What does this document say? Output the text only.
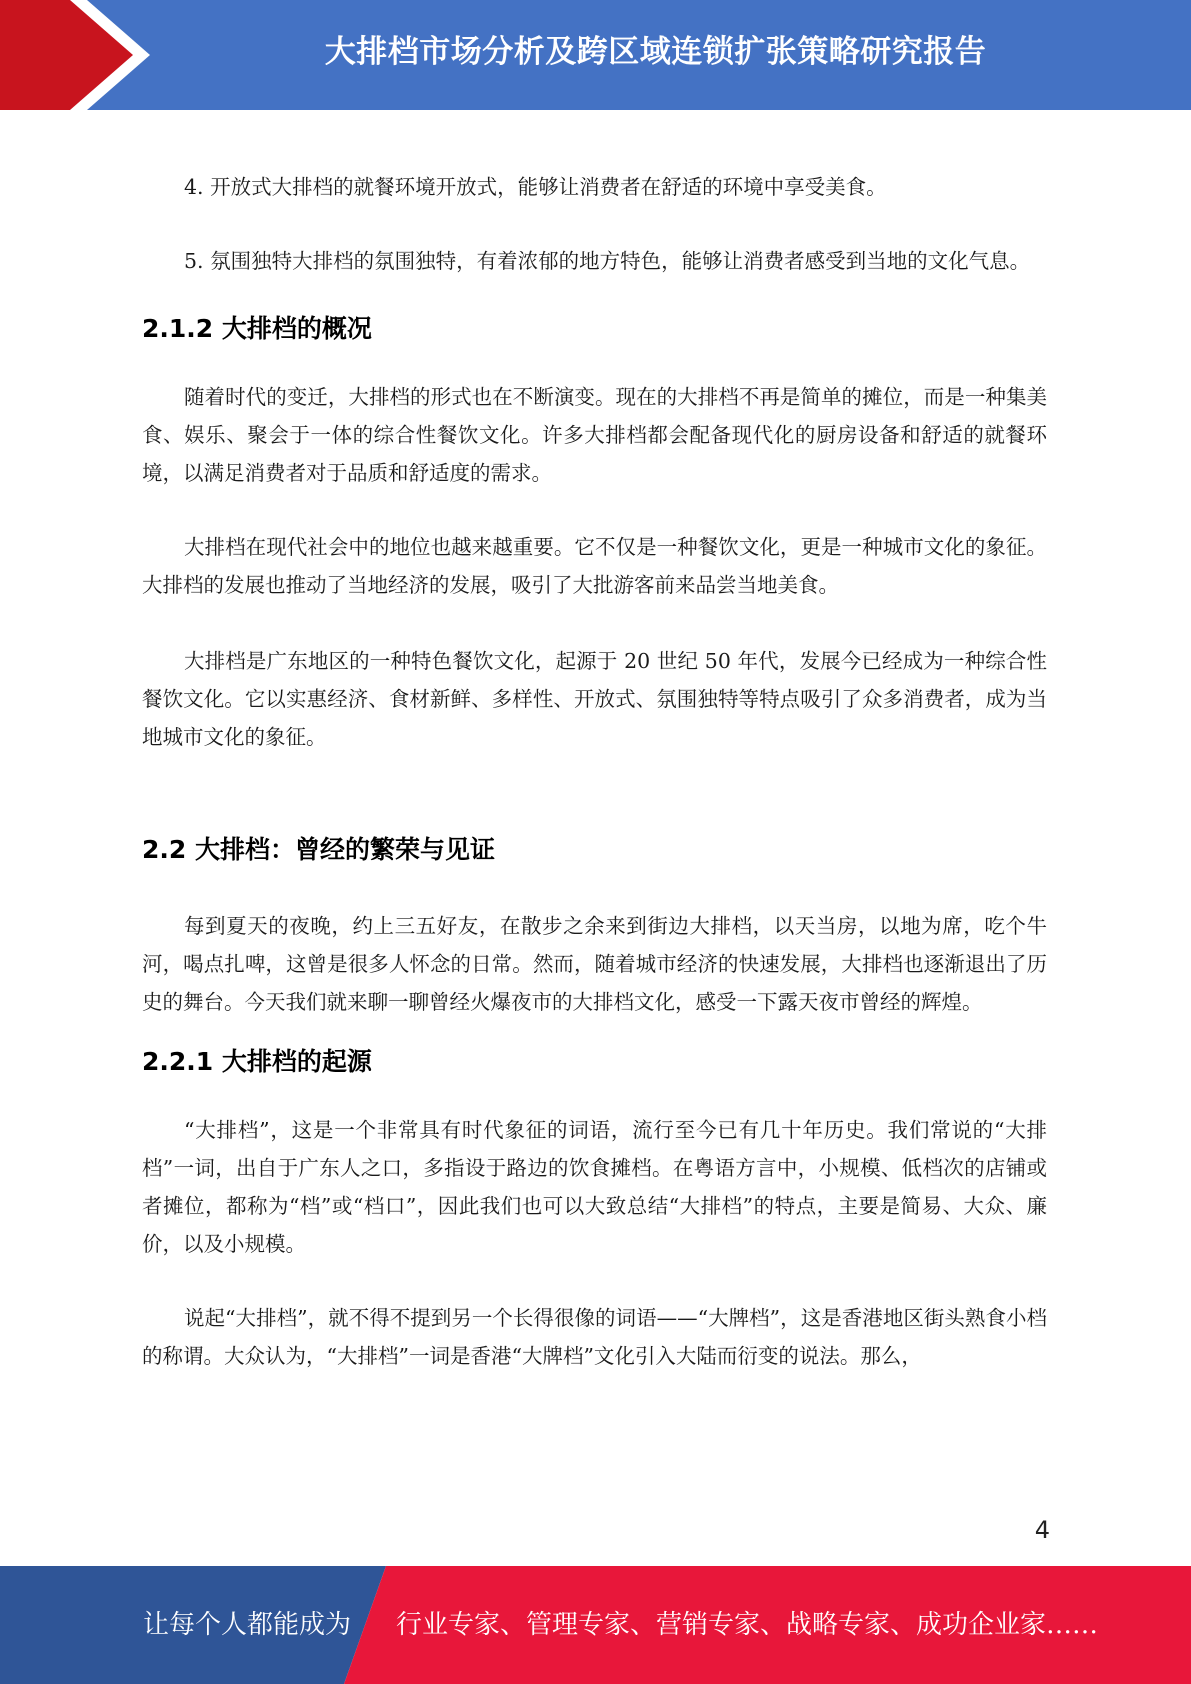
大排档市场分析及跨区域连锁扩张策略研究报告

4. 开放式大排档的就餐环境开放式，能够让消费者在舒适的环境中享受美食。

5. 氛围独特大排档的氛围独特，有着浓郁的地方特色，能够让消费者感受到当地的文化气息。

2.1.2 大排档的概况

随着时代的变迁，大排档的形式也在不断演变。现在的大排档不再是简单的摊位，而是一种集美食、娱乐、聚会于一体的综合性餐饮文化。许多大排档都会配备现代化的厨房设备和舒适的就餐环境，以满足消费者对于品质和舒适度的需求。

大排档在现代社会中的地位也越来越重要。它不仅是一种餐饮文化，更是一种城市文化的象征。大排档的发展也推动了当地经济的发展，吸引了大批游客前来品尝当地美食。

大排档是广东地区的一种特色餐饮文化，起源于 20 世纪 50 年代，发展今已经成为一种综合性餐饮文化。它以实惠经济、食材新鲜、多样性、开放式、氛围独特等特点吸引了众多消费者，成为当地城市文化的象征。

2.2 大排档：曾经的繁荣与见证

每到夏天的夜晚，约上三五好友，在散步之余来到街边大排档，以天当房，以地为席，吃个牛河，喝点扎啤，这曾是很多人怀念的日常。然而，随着城市经济的快速发展，大排档也逐渐退出了历史的舞台。今天我们就来聊一聊曾经火爆夜市的大排档文化，感受一下露天夜市曾经的辉煌。

2.2.1 大排档的起源

“大排档”，这是一个非常具有时代象征的词语，流行至今已有几十年历史。我们常说的“大排档”一词，出自于广东人之口，多指设于路边的饮食摊档。在粤语方言中，小规模、低档次的店铺或者摊位，都称为“档”或“档口”，因此我们也可以大致总结“大排档”的特点，主要是简易、大众、廉价，以及小规模。

说起“大排档”，就不得不提到另一个长得很像的词语——“大牌档”，这是香港地区街头熟食小档的称谓。大众认为，“大排档”一词是香港“大牌档”文化引入大陆而衍变的说法。那么，

4
让每个人都能成为 行业专家、管理专家、营销专家、战略专家、成功企业家……
